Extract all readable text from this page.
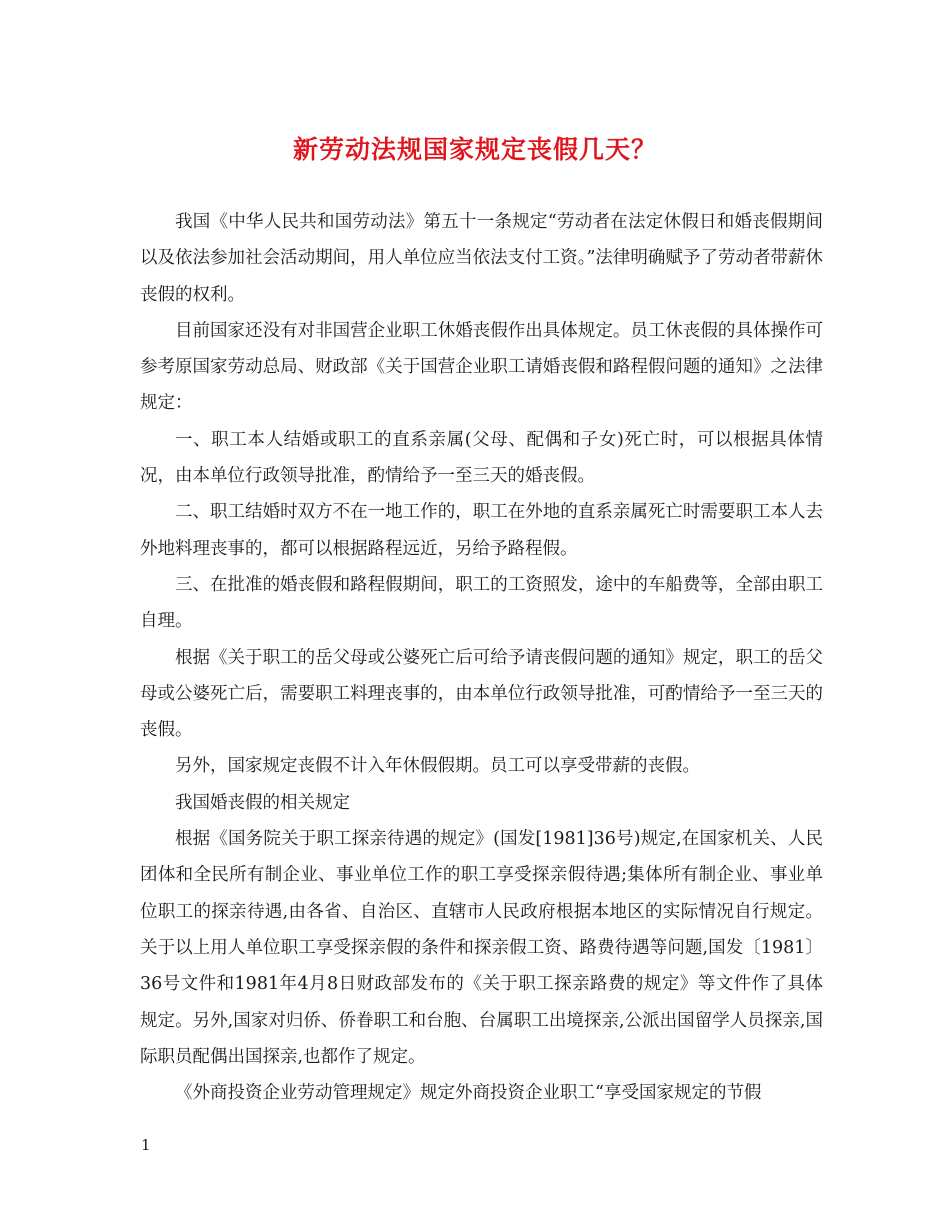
新劳动法规国家规定丧假几天？

我国《中华人民共和国劳动法》第五十一条规定“劳动者在法定休假日和婚丧假期间以及依法参加社会活动期间，用人单位应当依法支付工资。”法律明确赋予了劳动者带薪休丧假的权利。

目前国家还没有对非国营企业职工休婚丧假作出具体规定。员工休丧假的具体操作可参考原国家劳动总局、财政部《关于国营企业职工请婚丧假和路程假问题的通知》之法律规定：

一、职工本人结婚或职工的直系亲属(父母、配偶和子女)死亡时，可以根据具体情况，由本单位行政领导批准，酌情给予一至三天的婚丧假。

二、职工结婚时双方不在一地工作的，职工在外地的直系亲属死亡时需要职工本人去外地料理丧事的，都可以根据路程远近，另给予路程假。

三、在批准的婚丧假和路程假期间，职工的工资照发，途中的车船费等，全部由职工自理。

根据《关于职工的岳父母或公婆死亡后可给予请丧假问题的通知》规定，职工的岳父母或公婆死亡后，需要职工料理丧事的，由本单位行政领导批准，可酌情给予一至三天的丧假。

另外，国家规定丧假不计入年休假假期。员工可以享受带薪的丧假。

我国婚丧假的相关规定

根据《国务院关于职工探亲待遇的规定》(国发[1981]36号)规定,在国家机关、人民团体和全民所有制企业、事业单位工作的职工享受探亲假待遇;集体所有制企业、事业单位职工的探亲待遇,由各省、自治区、直辖市人民政府根据本地区的实际情况自行规定。关于以上用人单位职工享受探亲假的条件和探亲假工资、路费待遇等问题,国发〔1981〕36号文件和1981年4月8日财政部发布的《关于职工探亲路费的规定》等文件作了具体规定。另外,国家对归侨、侨眷职工和台胞、台属职工出境探亲,公派出国留学人员探亲,国际职员配偶出国探亲,也都作了规定。

《外商投资企业劳动管理规定》规定外商投资企业职工“享受国家规定的节假

1
